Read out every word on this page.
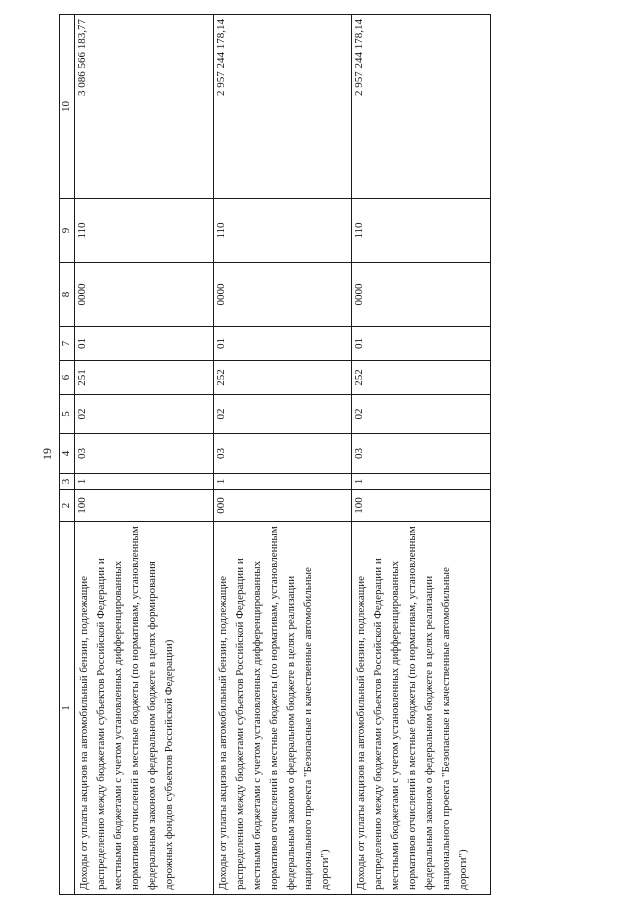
19
1	2	3	4	5	6	7	8	9	10
Доходы от уплаты акцизов на автомобильный бензин, подлежащие распределению между бюджетами субъектов Российской Федерации и местными бюджетами с учетом установленных дифференцированных нормативов отчислений в местные бюджеты (по нормативам, установленным федеральным законом о федеральном бюджете в целях формирования дорожных фондов субъектов Российской Федерации)	100	1	03	02	251	01	0000	110	3 086 566 183,77
Доходы от уплаты акцизов на автомобильный бензин, подлежащие распределению между бюджетами субъектов Российской Федерации и местными бюджетами с учетом установленных дифференцированных нормативов отчислений в местные бюджеты (по нормативам, установленным федеральным законом о федеральном бюджете в целях реализации национального проекта "Безопасные и качественные автомобильные дороги")	000	1	03	02	252	01	0000	110	2 957 244 178,14
Доходы от уплаты акцизов на автомобильный бензин, подлежащие распределению между бюджетами субъектов Российской Федерации и местными бюджетами с учетом установленных дифференцированных нормативов отчислений в местные бюджеты (по нормативам, установленным федеральным законом о федеральном бюджете в целях реализации национального проекта "Безопасные и качественные автомобильные дороги")	100	1	03	02	252	01	0000	110	2 957 244 178,14
